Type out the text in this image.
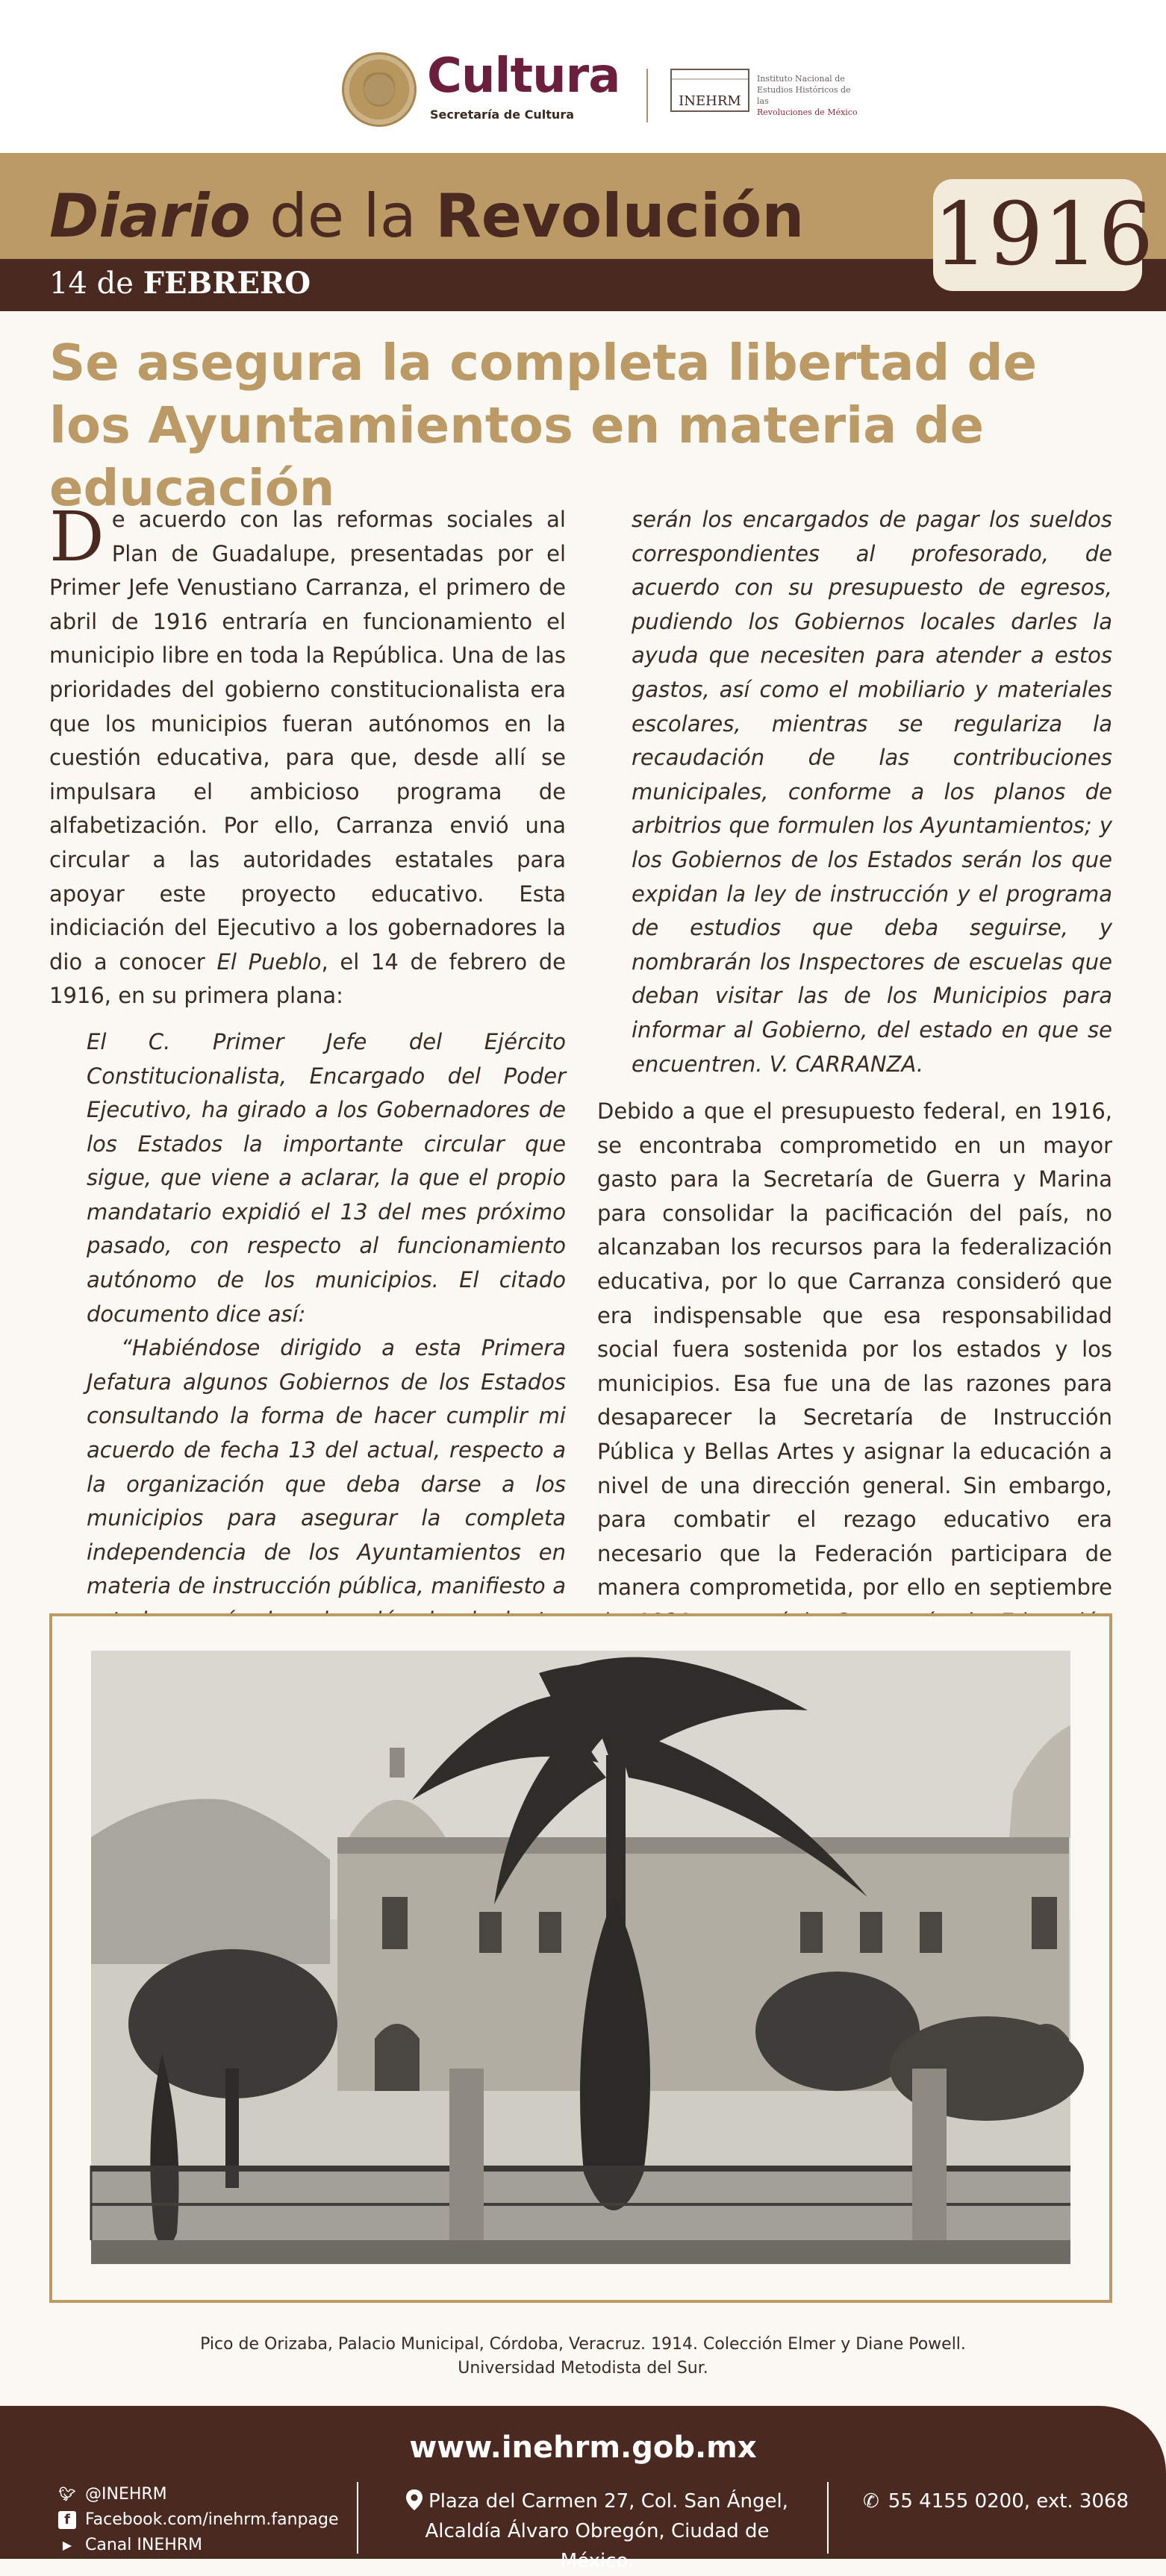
Cultura
Secretaría de Cultura
INEHRM
Instituto Nacional de
Estudios Históricos de las
Revoluciones de México
Diario de la Revolución
14 de FEBRERO	1916
Se asegura la completa libertad de los Ayuntamientos en materia de educación

De acuerdo con las reformas sociales al Plan de Guadalupe, presentadas por el Primer Jefe Venustiano Carranza, el primero de abril de 1916 entraría en funcionamiento el municipio libre en toda la República. Una de las prioridades del gobierno constitucionalista era que los municipios fueran autónomos en la cuestión educativa, para que, desde allí se impulsara el ambicioso programa de alfabetización. Por ello, Carranza envió una circular a las autoridades estatales para apoyar este proyecto educativo. Esta indiciación del Ejecutivo a los gobernadores la dio a conocer El Pueblo, el 14 de febrero de 1916, en su primera plana:

El C. Primer Jefe del Ejército Constitucionalista, Encargado del Poder Ejecutivo, ha girado a los Gobernadores de los Estados la importante circular que sigue, que viene a aclarar, la que el propio mandatario expidió el 13 del mes próximo pasado, con respecto al funcionamiento autónomo de los municipios. El citado documento dice así:

“Habiéndose dirigido a esta Primera Jefatura algunos Gobiernos de los Estados consultando la forma de hacer cumplir mi acuerdo de fecha 13 del actual, respecto a la organización que deba darse a los municipios para asegurar la completa independencia de los Ayuntamientos en materia de instrucción pública, manifiesto a

serán los encargados de pagar los sueldos correspondientes al profesorado, de acuerdo con su presupuesto de egresos, pudiendo los Gobiernos locales darles la ayuda que necesiten para atender a estos gastos, así como el mobiliario y materiales escolares, mientras se regulariza la recaudación de las contribuciones municipales, conforme a los planos de arbitrios que formulen los Ayuntamientos; y los Gobiernos de los Estados serán los que expidan la ley de instrucción y el programa de estudios que deba seguirse, y nombrarán los Inspectores de escuelas que deban visitar las de los Municipios para informar al Gobierno, del estado en que se encuentren. V. CARRANZA.

Debido a que el presupuesto federal, en 1916, se encontraba comprometido en un mayor gasto para la Secretaría de Guerra y Marina para consolidar la pacificación del país, no alcanzaban los recursos para la federalización educativa, por lo que Carranza consideró que era indispensable que esa responsabilidad social fuera sostenida por los estados y los municipios. Esa fue una de las razones para desaparecer la Secretaría de Instrucción Pública y Bellas Artes y asignar la educación a nivel de una dirección general. Sin embargo, para combatir el rezago educativo era necesario que la Federación participara de manera comprometida, por ello en septiembre

Pico de Orizaba, Palacio Municipal, Córdoba, Veracruz. 1914. Colección Elmer y Diane Powell.
Universidad Metodista del Sur.
www.inehrm.gob.mx
🐦︎ @INEHRM
f Facebook.com/inehrm.fanpage
▶ Canal INEHRM
Plaza del Carmen 27, Col. San Ángel,
Alcaldía Álvaro Obregón, Ciudad de México.
✆ 55 4155 0200, ext. 3068
